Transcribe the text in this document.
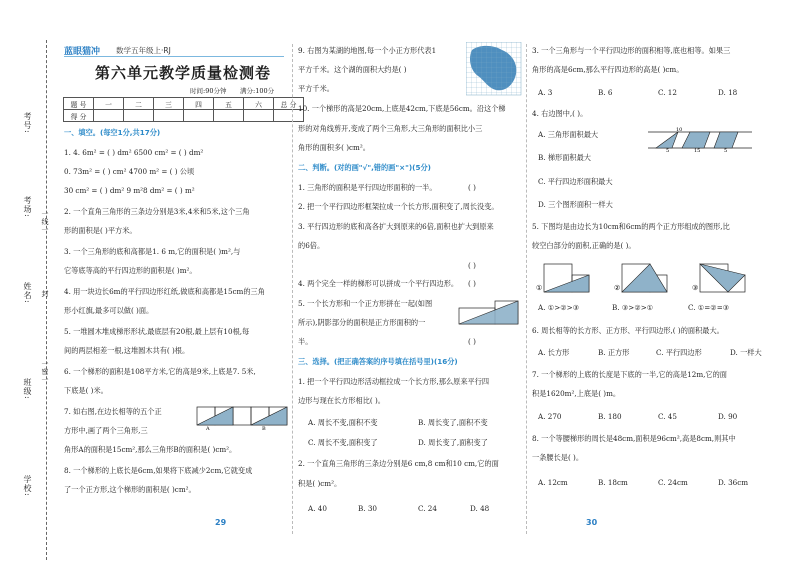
考号:
考场:
姓名:
班级:
学校:
一线一
封
一密一
蓝眼猫冲 数学五年级上·RJ
第六单元教学质量检测卷
时间:90分钟 满分:100分
题 号	一	二	三	四	五	六	总 分
得 分							
一、填空。(每空1分,共17分)
1. 4. 6m² = ( ) dm² 6500 cm² = ( ) dm²
0. 73m² = ( ) cm² 4700 m² = ( ) 公顷
30 cm² = ( ) dm² 9 m²8 dm² = ( ) m²
2. 一个直角三角形的三条边分别是3米,4米和5米,这个三角
形的面积是( )平方米。
3. 一个三角形的底和高都是1. 6 m,它的面积是( )m²,与
它等底等高的平行四边形的面积是( )m²。
4. 用一块边长6m的平行四边形红纸,做底和高都是15cm的三角
形小红旗,最多可以做( )面。
5. 一堆圆木堆成梯形形状,最底层有20根,最上层有10根,每
间的两层相差一根,这堆圆木共有( )根。
6. 一个梯形的面积是108平方米,它的高是9米,上底是7. 5米,
下底是( )米。
7. 如右图,在边长相等的五个正
方形中,画了两个三角形,三
角形A的面积是15cm²,那么三角形B的面积是( )cm²。
8. 一个梯形的上底长是6cm,如果将下底减少2cm,它就变成
了一个正方形,这个梯形的面积是( )cm²。
A	B
29
9. 右图为某湖的地图,每一个小正方形代表1
平方千米。这个湖的面积大约是( )
平方千米。
10. 一个梯形的高是20cm,上底是42cm,下底是56cm。沿这个梯
形的对角线剪开,变成了两个三角形,大三角形的面积比小三
角形的面积多( )cm²。
二、判断。(对的画"√",错的画"×")(5分)
1. 三角形的面积是平行四边形面积的一半。	( )
2. 把一个平行四边形框架拉成一个长方形,面积变了,周长没变。
3. 平行四边形的底和高各扩大到原来的6倍,面积也扩大到原来
的6倍。
( )
4. 两个完全一样的梯形可以拼成一个平行四边形。 ( )
5. 一个长方形和一个正方形拼在一起(如图
所示),阴影部分的面积是正方形面积的一
半。	( )
三、选择。(把正确答案的序号填在括号里)(16分)
1. 把一个平行四边形活动框拉成一个长方形,那么原来平行四
边形与现在长方形相比( )。
A. 周长不变,面积不变	B. 周长变了,面积不变
C. 周长不变,面积变了	D. 周长变了,面积变了
2. 一个直角三角形的三条边分别是6 cm,8 cm和10 cm,它的面
积是( )cm²。
A. 40	B. 30	C. 24	D. 48
3. 一个三角形与一个平行四边形的面积相等,底也相等。如果三
角形的高是6cm,那么平行四边形的高是( )cm。
A. 3	B. 6	C. 12	D. 18
4. 右边图中,( )。
A. 三角形面积最大
B. 梯形面积最大
C. 平行四边形面积最大
D. 三个图形面积一样大
10
5	15	5
5. 下图均是由边长为10cm和6cm的两个正方形组成的图形,比
较空白部分的面积,正确的是( )。
①	②	③
A. ①>②>③	B. ③>②>①	C. ①=②=③
6. 周长相等的长方形、正方形、平行四边形,( )的面积最大。
A. 长方形	B. 正方形	C. 平行四边形	D. 一样大
7. 一个梯形的上底的长度是下底的一半,它的高是12m,它的面
积是1620m²,上底是( )m。
A. 270	B. 180	C. 45	D. 90
8. 一个等腰梯形的周长是48cm,面积是96cm²,高是8cm,则其中
一条腰长是( )。
A. 12cm	B. 18cm	C. 24cm	D. 36cm
30
